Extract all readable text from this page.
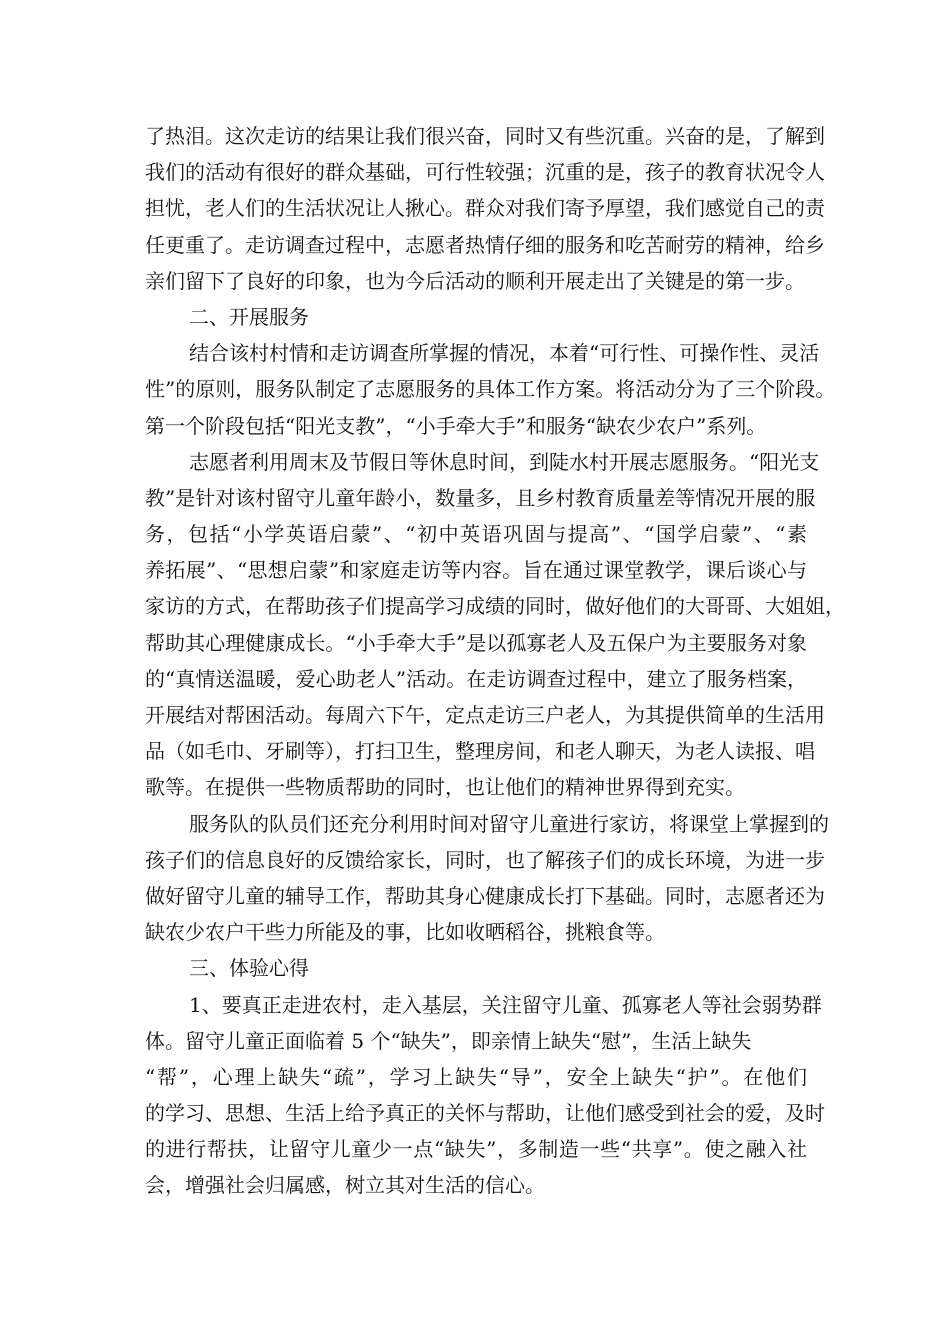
了热泪。这次走访的结果让我们很兴奋，同时又有些沉重。兴奋的是，了解到
我们的活动有很好的群众基础，可行性较强；沉重的是，孩子的教育状况令人
担忧，老人们的生活状况让人揪心。群众对我们寄予厚望，我们感觉自己的责
任更重了。走访调查过程中，志愿者热情仔细的服务和吃苦耐劳的精神，给乡
亲们留下了良好的印象，也为今后活动的顺利开展走出了关键是的第一步。
二、开展服务
结合该村村情和走访调查所掌握的情况，本着“可行性、可操作性、灵活
性”的原则，服务队制定了志愿服务的具体工作方案。将活动分为了三个阶段。
第一个阶段包括“阳光支教”，“小手牵大手”和服务“缺农少农户”系列。
志愿者利用周末及节假日等休息时间，到陡水村开展志愿服务。“阳光支
教”是针对该村留守儿童年龄小，数量多，且乡村教育质量差等情况开展的服
务，包括“小学英语启蒙”、“初中英语巩固与提高”、“国学启蒙”、“素
养拓展”、“思想启蒙”和家庭走访等内容。旨在通过课堂教学，课后谈心与
家访的方式，在帮助孩子们提高学习成绩的同时，做好他们的大哥哥、大姐姐，
帮助其心理健康成长。“小手牵大手”是以孤寡老人及五保户为主要服务对象
的“真情送温暖，爱心助老人”活动。在走访调查过程中，建立了服务档案，
开展结对帮困活动。每周六下午，定点走访三户老人，为其提供简单的生活用
品（如毛巾、牙刷等），打扫卫生，整理房间，和老人聊天，为老人读报、唱
歌等。在提供一些物质帮助的同时，也让他们的精神世界得到充实。
服务队的队员们还充分利用时间对留守儿童进行家访，将课堂上掌握到的
孩子们的信息良好的反馈给家长，同时，也了解孩子们的成长环境，为进一步
做好留守儿童的辅导工作，帮助其身心健康成长打下基础。同时，志愿者还为
缺农少农户干些力所能及的事，比如收晒稻谷，挑粮食等。
三、体验心得
1、要真正走进农村，走入基层，关注留守儿童、孤寡老人等社会弱势群
体。留守儿童正面临着 5 个“缺失”，即亲情上缺失“慰”，生活上缺失
“帮”，心理上缺失“疏”，学习上缺失“导”，安全上缺失“护”。在他们
的学习、思想、生活上给予真正的关怀与帮助，让他们感受到社会的爱，及时
的进行帮扶，让留守儿童少一点“缺失”，多制造一些“共享”。使之融入社
会，增强社会归属感，树立其对生活的信心。
